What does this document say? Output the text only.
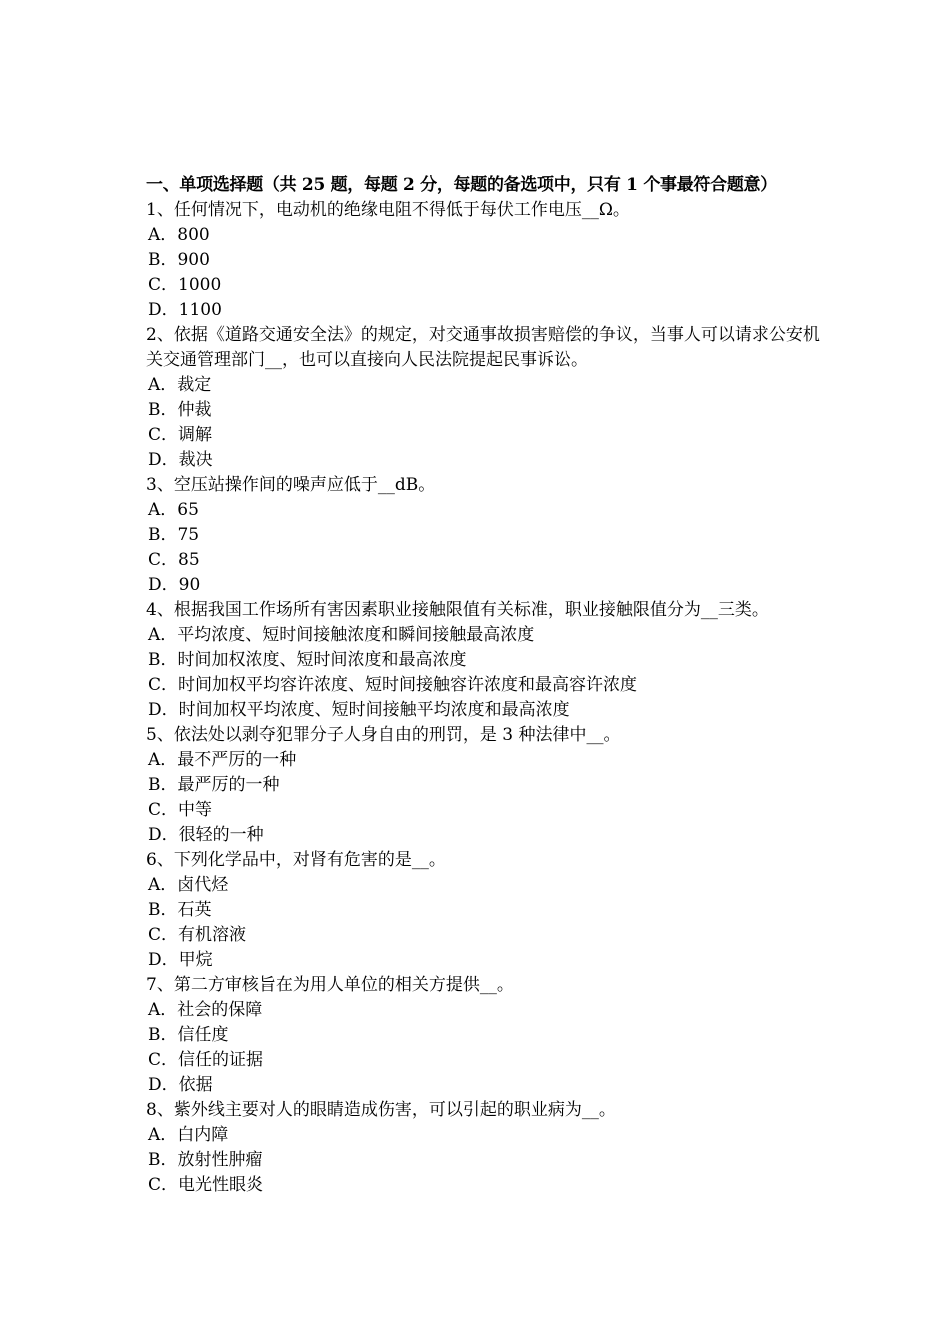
一、单项选择题（共 25 题，每题 2 分，每题的备选项中，只有 1 个事最符合题意）
1、任何情况下，电动机的绝缘电阻不得低于每伏工作电压__Ω。
A．800
B．900
C．1000
D．1100
2、依据《道路交通安全法》的规定，对交通事故损害赔偿的争议，当事人可以请求公安机关交通管理部门__，也可以直接向人民法院提起民事诉讼。
A．裁定
B．仲裁
C．调解
D．裁决
3、空压站操作间的噪声应低于__dB。
A．65
B．75
C．85
D．90
4、根据我国工作场所有害因素职业接触限值有关标准，职业接触限值分为__三类。
A．平均浓度、短时间接触浓度和瞬间接触最高浓度
B．时间加权浓度、短时间浓度和最高浓度
C．时间加权平均容许浓度、短时间接触容许浓度和最高容许浓度
D．时间加权平均浓度、短时间接触平均浓度和最高浓度
5、依法处以剥夺犯罪分子人身自由的刑罚，是 3 种法律中__。
A．最不严厉的一种
B．最严厉的一种
C．中等
D．很轻的一种
6、下列化学品中，对肾有危害的是__。
A．卤代烃
B．石英
C．有机溶液
D．甲烷
7、第二方审核旨在为用人单位的相关方提供__。
A．社会的保障
B．信任度
C．信任的证据
D．依据
8、紫外线主要对人的眼睛造成伤害，可以引起的职业病为__。
A．白内障
B．放射性肿瘤
C．电光性眼炎
